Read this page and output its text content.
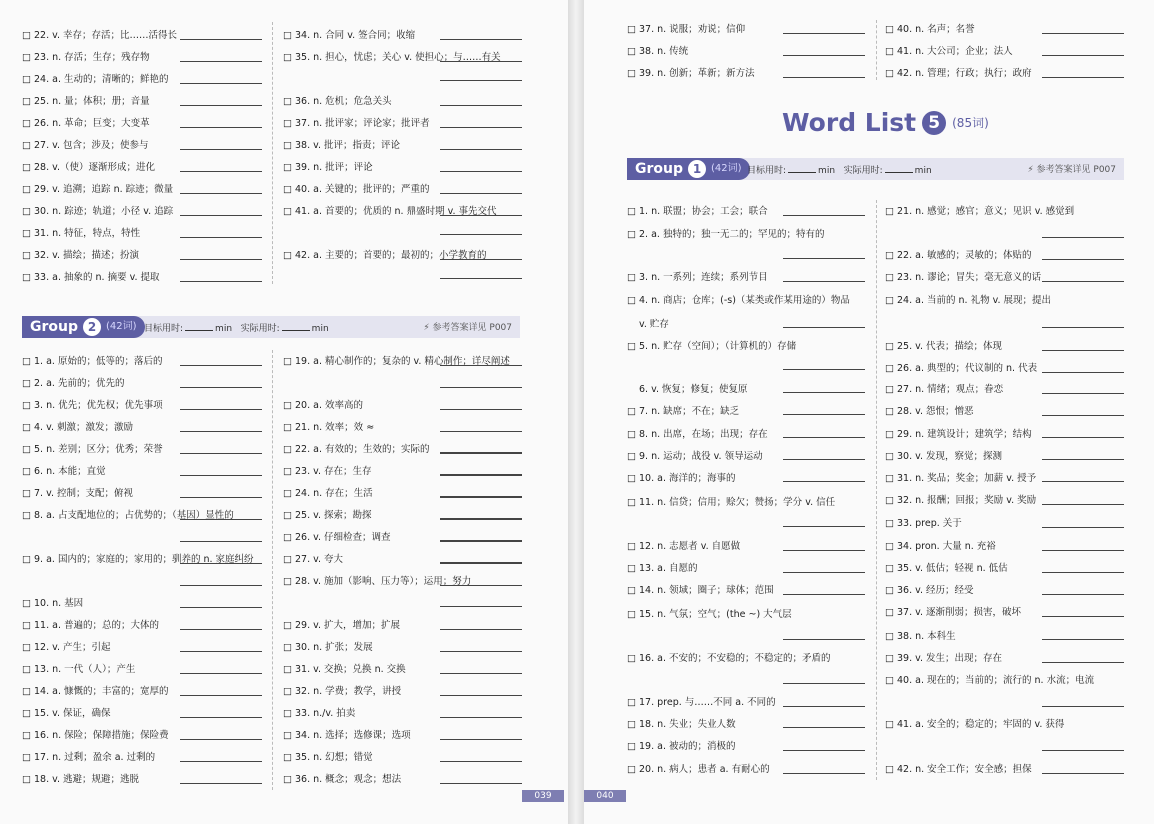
□ 22. v. 幸存；存活；比……活得长	□ 34. n. 合同 v. 签合同；收缩
□ 23. n. 存活；生存；残存物	□ 35. n. 担心，忧虑；关心 v. 使担心；与……有关
□ 24. a. 生动的；清晰的；鲜艳的
□ 25. n. 量；体积；册；音量	□ 36. n. 危机；危急关头
□ 26. n. 革命；巨变；大变革	□ 37. n. 批评家；评论家；批评者
□ 27. v. 包含；涉及；使参与	□ 38. v. 批评；指责；评论
□ 28. v.（使）逐渐形成；进化	□ 39. n. 批评；评论
□ 29. v. 追溯；追踪 n. 踪迹；微量	□ 40. a. 关键的；批评的；严重的
□ 30. n. 踪迹；轨道；小径 v. 追踪	□ 41. a. 首要的；优质的 n. 鼎盛时期 v. 事先交代
□ 31. n. 特征，特点，特性
□ 32. v. 描绘；描述；扮演	□ 42. a. 主要的；首要的；最初的；小学教育的
□ 33. a. 抽象的 n. 摘要 v. 提取
Group 2 (42词) 目标用时:	min 实际用时:	min	⚡ 参考答案详见 P007
Group 1 (42词) 目标用时:	min 实际用时:	min	⚡ 参考答案详见 P007
□ 1. a. 原始的；低等的；落后的	□ 19. a. 精心制作的；复杂的 v. 精心制作；详尽阐述
□ 2. a. 先前的；优先的
□ 3. n. 优先；优先权；优先事项	□ 20. a. 效率高的
□ 4. v. 刺激；激发；激励	□ 21. n. 效率；效 ≈
□ 5. n. 差别；区分；优秀；荣誉	□ 22. a. 有效的；生效的；实际的
□ 6. n. 本能；直觉	□ 23. v. 存在；生存
□ 7. v. 控制；支配；俯视	□ 24. n. 存在；生活
□ 8. a. 占支配地位的；占优势的；（基因）显性的	□ 25. v. 探索；勘探
□ 26. v. 仔细检查；调查
□ 9. a. 国内的；家庭的；家用的；驯养的 n. 家庭纠纷	□ 27. v. 夸大
□ 28. v. 施加（影响、压力等）；运用；努力
□ 10. n. 基因
□ 11. a. 普遍的；总的；大体的	□ 29. v. 扩大，增加；扩展
□ 12. v. 产生；引起	□ 30. n. 扩张；发展
□ 13. n. 一代（人）；产生	□ 31. v. 交换；兑换 n. 交换
□ 14. a. 慷慨的；丰富的；宽厚的	□ 32. n. 学费；教学，讲授
□ 15. v. 保证，确保	□ 33. n./v. 拍卖
□ 16. n. 保险；保障措施；保险费	□ 34. n. 选择；选修课；选项
□ 17. n. 过剩；盈余 a. 过剩的	□ 35. n. 幻想；错觉
□ 18. v. 逃避；规避；逃脱	□ 36. n. 概念；观念；想法
□ 37. n. 说服；劝说；信仰	□ 40. n. 名声；名誉
□ 38. n. 传统	□ 41. n. 大公司；企业；法人
□ 39. n. 创新；革新；新方法	□ 42. n. 管理；行政；执行；政府
Word List 5	(85词)
□ 1. n. 联盟；协会；工会；联合
□ 2. a. 独特的；独一无二的；罕见的；特有的
□ 3. n. 一系列；连续；系列节目
□ 4. n. 商店；仓库；(-s)（某类或作某用途的）物品
v. 贮存
□ 5. n. 贮存（空间）；（计算机的）存储
6. v. 恢复；修复；使复原
□ 7. n. 缺席；不在；缺乏
□ 8. n. 出席，在场；出现；存在
□ 9. n. 运动；战役 v. 领导运动
□ 10. a. 海洋的；海事的
□ 11. n. 信贷；信用；赊欠；赞扬；学分 v. 信任
□ 12. n. 志愿者 v. 自愿做
□ 13. a. 自愿的
□ 14. n. 领域；圈子；球体；范围
□ 15. n. 气氛；空气；(the ~) 大气层
□ 16. a. 不安的；不安稳的；不稳定的；矛盾的
□ 17. prep. 与……不同 a. 不同的
□ 18. n. 失业；失业人数
□ 19. a. 被动的；消极的
□ 20. n. 病人；患者 a. 有耐心的
□ 21. n. 感觉；感官；意义；见识 v. 感觉到
□ 22. a. 敏感的；灵敏的；体贴的
□ 23. n. 谬论；冒失；毫无意义的话
□ 24. a. 当前的 n. 礼物 v. 展现；提出
□ 25. v. 代表；描绘；体现
□ 26. a. 典型的；代议制的 n. 代表
□ 27. n. 情绪；观点；眷恋
□ 28. v. 怨恨；憎恶
□ 29. n. 建筑设计；建筑学；结构
□ 30. v. 发现，察觉；探测
□ 31. n. 奖品；奖金；加薪 v. 授予
□ 32. n. 报酬；回报；奖励 v. 奖励
□ 33. prep. 关于
□ 34. pron. 大量 n. 充裕
□ 35. v. 低估；轻视 n. 低估
□ 36. v. 经历；经受
□ 37. v. 逐渐削弱；损害，破坏
□ 38. n. 本科生
□ 39. v. 发生；出现；存在
□ 40. a. 现在的；当前的；流行的 n. 水流；电流
□ 41. a. 安全的；稳定的；牢固的 v. 获得
□ 42. n. 安全工作；安全感；担保
039	040
